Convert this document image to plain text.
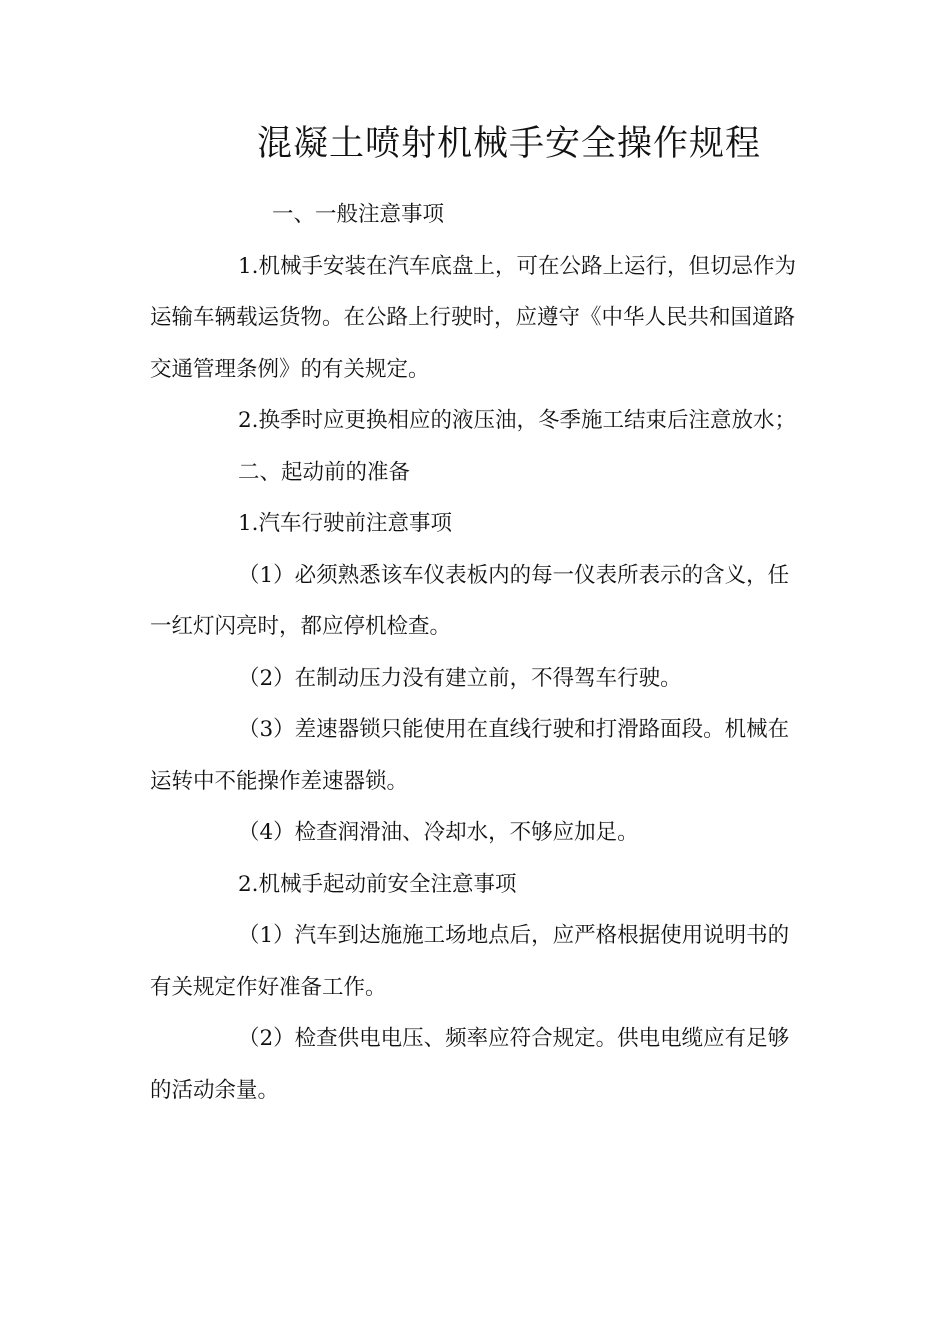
混凝土喷射机械手安全操作规程

一、一般注意事项

1.机械手安装在汽车底盘上，可在公路上运行，但切忌作为运输车辆载运货物。在公路上行驶时，应遵守《中华人民共和国道路交通管理条例》的有关规定。

2.换季时应更换相应的液压油，冬季施工结束后注意放水；

二、起动前的准备

1.汽车行驶前注意事项

（1）必须熟悉该车仪表板内的每一仪表所表示的含义，任一红灯闪亮时，都应停机检查。

（2）在制动压力没有建立前，不得驾车行驶。

（3）差速器锁只能使用在直线行驶和打滑路面段。机械在运转中不能操作差速器锁。

（4）检查润滑油、冷却水，不够应加足。

2.机械手起动前安全注意事项

（1）汽车到达施施工场地点后，应严格根据使用说明书的有关规定作好准备工作。

（2）检查供电电压、频率应符合规定。供电电缆应有足够的活动余量。
